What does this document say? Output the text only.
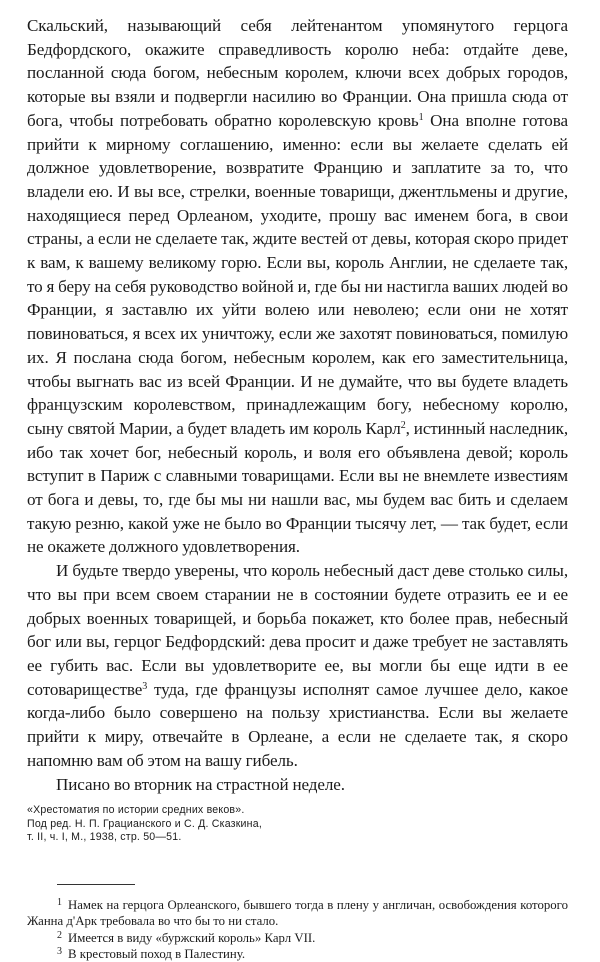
Скальский, называющий себя лейтенантом упомянутого герцога Бедфордского, окажите справедливость королю неба: отдайте деве, посланной сюда богом, небесным королем, ключи всех добрых городов, которые вы взяли и подвергли насилию во Франции. Она пришла сюда от бога, чтобы потребовать обратно королевскую кровь$^1$ Она вполне готова прийти к мирному соглашению, именно: если вы желаете сделать ей должное удовлетворение, возвратите Францию и заплатите за то, что владели ею. И вы все, стрелки, военные товарищи, джентльмены и другие, находящиеся перед Орлеаном, уходите, прошу вас именем бога, в свои страны, а если не сделаете так, ждите вестей от девы, которая скоро придет к вам, к вашему великому горю. Если вы, король Англии, не сделаете так, то я беру на себя руководство войной и, где бы ни настигла ваших людей во Франции, я заставлю их уйти волею или неволею; если они не хотят повиноваться, я всех их уничтожу, если же захотят повиноваться, помилую их. Я послана сюда богом, небесным королем, как его заместительница, чтобы выгнать вас из всей Франции. И не думайте, что вы будете владеть французским королевством, принадлежащим богу, небесному королю, сыну святой Марии, а будет владеть им король Карл$^2$, истинный наследник, ибо так хочет бог, небесный король, и воля его объявлена девой; король вступит в Париж с славными товарищами. Если вы не внемлете известиям от бога и девы, то, где бы мы ни нашли вас, мы будем вас бить и сделаем такую резню, какой уже не было во Франции тысячу лет, — так будет, если не окажете должного удовлетворения.

И будьте твердо уверены, что король небесный даст деве столько силы, что вы при всем своем старании не в состоянии будете отразить ее и ее добрых военных товарищей, и борьба покажет, кто более прав, небесный бог или вы, герцог Бедфордский: дева просит и даже требует не заставлять ее губить вас. Если вы удовлетворите ее, вы могли бы еще идти в ее сотовариществе$^3$ туда, где французы исполнят самое лучшее дело, какое когда-либо было совершено на пользу христианства. Если вы желаете прийти к миру, отвечайте в Орлеане, а если не сделаете так, я скоро напомню вам об этом на вашу гибель.

Писано во вторник на страстной неделе.

«Хрестоматия по истории средних веков».
Под ред. Н. П. Грацианского и С. Д. Сказкина,
т. II, ч. I, М., 1938, стр. 50—51.

$^1$ Намек на герцога Орлеанского, бывшего тогда в плену у англичан, освобождения которого Жанна д'Арк требовала во что бы то ни стало.

$^2$ Имеется в виду «буржский король» Карл VII.

$^3$ В крестовый поход в Палестину.
